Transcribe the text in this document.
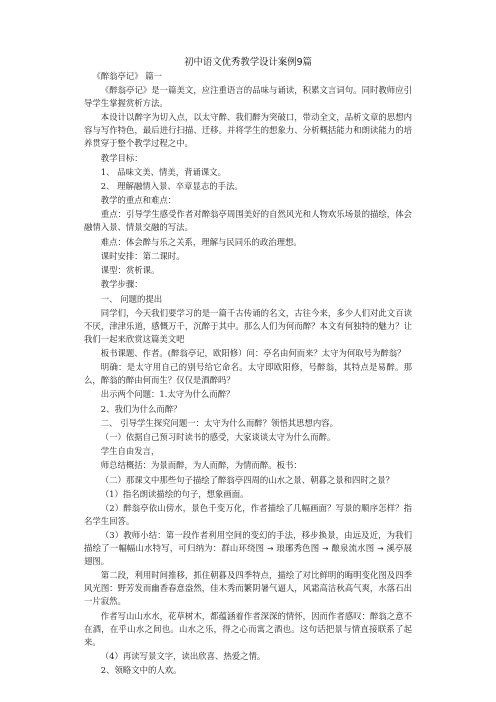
初中语文优秀教学设计案例9篇

《醉翁亭记》 篇一

《醉翁亭记》是一篇美文，应注重语言的品味与诵读，积累文言词句。同时教师应引导学生掌握赏析方法。

本设计以醉字为切入点，以太守醉、我们醉为突破口，带动全文，品析文章的思想内容与写作特色，最后进行扫描、迁移。并将学生的想象力、分析概括能力和朗读能力的培养贯穿于整个教学过程之中。

教学目标：

1、 品味文美、情美，背诵课文。

2、 理解融情入景、卒章显志的手法。

教学的重点和难点：

重点：引导学生感受作者对醉翁亭周围美好的自然风光和人物欢乐场景的描绘，体会融情入景、情景交融的写法。

难点：体会醉与乐之关系，理解与民同乐的政治理想。

课时安排：第二课时。

课型：赏析课。

教学步骤：

一、 问题的提出

同学们，今天我们要学习的是一篇千古传诵的名文，古往今来，多少人们对此文百读不厌，津津乐道，感慨万千，沉醉于其中。那么人们为何而醉？本文有何独特的魅力？让我们一起来欣赏这篇美文吧

板书课题、作者。(醉翁亭记，欧阳修）问：亭名由何而来？太守为何取号为醉翁？

明确：是太守用自己的别号给它命名。太守即欧阳修，号醉翁，其特点是易醉。那么，醉翁的醉由何而生？仅仅是酒醉吗？

出示两个问题：1.太守为什么而醉？

2、我们为什么而醉？

二、 引导学生探究问题一：太守为什么而醉？领悟其思想内容。

（一）依据自己预习时读书的感受，大家谈谈太守为什么而醉。

学生自由发言，

师总结概括：为景而醉，为人而醉，为情而醉。板书：

（二）那课文中那些句子描绘了醉翁亭四周的山水之景、朝暮之景和四时之景？

（1）指名朗读描绘的句子，想象画面。

（2）醉翁亭依山傍水，景色千变万化，作者描绘了几幅画面？写景的顺序怎样？指名学生回答。

（3）教师小结：第一段作者利用空间的变幻的手法，移步换景，由远及近，为我们描绘了一幅幅山水特写，可归纳为：群山环绕图 → 琅琊秀色图 → 酿泉流水图 → 溪亭展翅图。

第二段，利用时间推移，抓住朝暮及四季特点，描绘了对比鲜明的晦明变化图及四季风光图：野芳发而幽香春意盎然，佳木秀而繁阴暑气逼人，风霜高洁秋高气爽，水落石出一片寂然。

作者写山山水水，花草树木，都蕴涵着作者深深的情怀，因而作者感叹：醉翁之意不在酒，在乎山水之间也。山水之乐，得之心而寓之酒也。这句话把景与情直接联系了起来。

（4）再读写景文字，读出欣喜、热爱之情。

2、领略文中的人欢。
